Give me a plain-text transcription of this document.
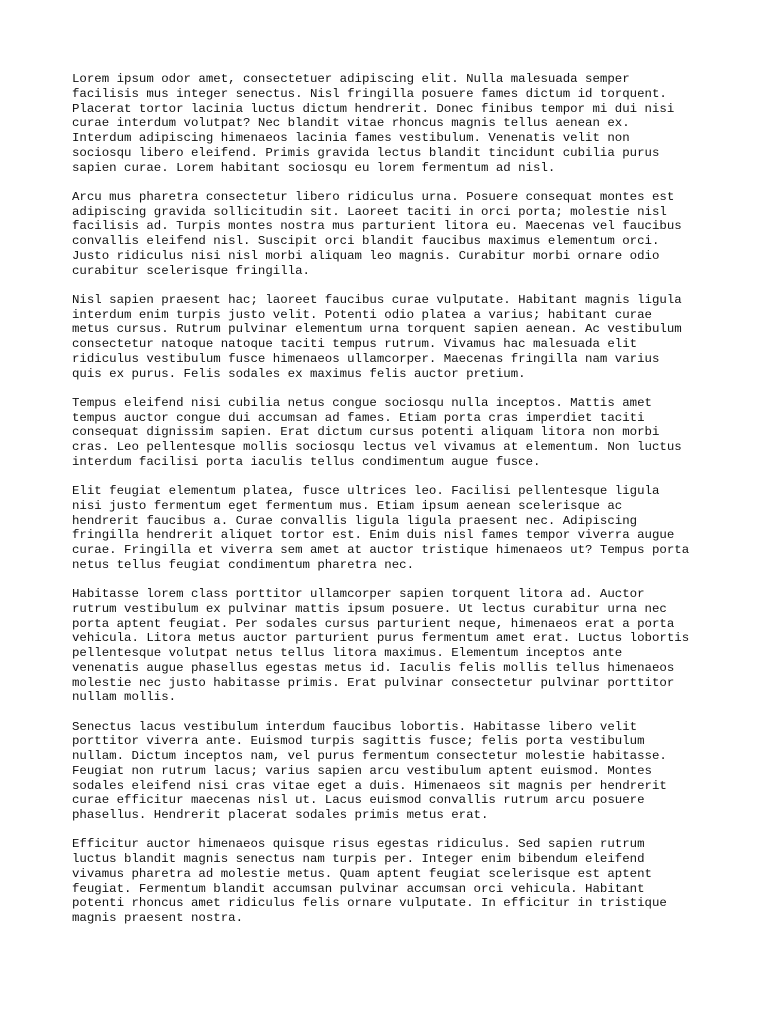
Lorem ipsum odor amet, consectetuer adipiscing elit. Nulla malesuada semper
facilisis mus integer senectus. Nisl fringilla posuere fames dictum id torquent.
Placerat tortor lacinia luctus dictum hendrerit. Donec finibus tempor mi dui nisi
curae interdum volutpat? Nec blandit vitae rhoncus magnis tellus aenean ex.
Interdum adipiscing himenaeos lacinia fames vestibulum. Venenatis velit non
sociosqu libero eleifend. Primis gravida lectus blandit tincidunt cubilia purus
sapien curae. Lorem habitant sociosqu eu lorem fermentum ad nisl.

Arcu mus pharetra consectetur libero ridiculus urna. Posuere consequat montes est
adipiscing gravida sollicitudin sit. Laoreet taciti in orci porta; molestie nisl
facilisis ad. Turpis montes nostra mus parturient litora eu. Maecenas vel faucibus
convallis eleifend nisl. Suscipit orci blandit faucibus maximus elementum orci.
Justo ridiculus nisi nisl morbi aliquam leo magnis. Curabitur morbi ornare odio
curabitur scelerisque fringilla.

Nisl sapien praesent hac; laoreet faucibus curae vulputate. Habitant magnis ligula
interdum enim turpis justo velit. Potenti odio platea a varius; habitant curae
metus cursus. Rutrum pulvinar elementum urna torquent sapien aenean. Ac vestibulum
consectetur natoque natoque taciti tempus rutrum. Vivamus hac malesuada elit
ridiculus vestibulum fusce himenaeos ullamcorper. Maecenas fringilla nam varius
quis ex purus. Felis sodales ex maximus felis auctor pretium.

Tempus eleifend nisi cubilia netus congue sociosqu nulla inceptos. Mattis amet
tempus auctor congue dui accumsan ad fames. Etiam porta cras imperdiet taciti
consequat dignissim sapien. Erat dictum cursus potenti aliquam litora non morbi
cras. Leo pellentesque mollis sociosqu lectus vel vivamus at elementum. Non luctus
interdum facilisi porta iaculis tellus condimentum augue fusce.

Elit feugiat elementum platea, fusce ultrices leo. Facilisi pellentesque ligula
nisi justo fermentum eget fermentum mus. Etiam ipsum aenean scelerisque ac
hendrerit faucibus a. Curae convallis ligula ligula praesent nec. Adipiscing
fringilla hendrerit aliquet tortor est. Enim duis nisl fames tempor viverra augue
curae. Fringilla et viverra sem amet at auctor tristique himenaeos ut? Tempus porta
netus tellus feugiat condimentum pharetra nec.

Habitasse lorem class porttitor ullamcorper sapien torquent litora ad. Auctor
rutrum vestibulum ex pulvinar mattis ipsum posuere. Ut lectus curabitur urna nec
porta aptent feugiat. Per sodales cursus parturient neque, himenaeos erat a porta
vehicula. Litora metus auctor parturient purus fermentum amet erat. Luctus lobortis
pellentesque volutpat netus tellus litora maximus. Elementum inceptos ante
venenatis augue phasellus egestas metus id. Iaculis felis mollis tellus himenaeos
molestie nec justo habitasse primis. Erat pulvinar consectetur pulvinar porttitor
nullam mollis.

Senectus lacus vestibulum interdum faucibus lobortis. Habitasse libero velit
porttitor viverra ante. Euismod turpis sagittis fusce; felis porta vestibulum
nullam. Dictum inceptos nam, vel purus fermentum consectetur molestie habitasse.
Feugiat non rutrum lacus; varius sapien arcu vestibulum aptent euismod. Montes
sodales eleifend nisi cras vitae eget a duis. Himenaeos sit magnis per hendrerit
curae efficitur maecenas nisl ut. Lacus euismod convallis rutrum arcu posuere
phasellus. Hendrerit placerat sodales primis metus erat.

Efficitur auctor himenaeos quisque risus egestas ridiculus. Sed sapien rutrum
luctus blandit magnis senectus nam turpis per. Integer enim bibendum eleifend
vivamus pharetra ad molestie metus. Quam aptent feugiat scelerisque est aptent
feugiat. Fermentum blandit accumsan pulvinar accumsan orci vehicula. Habitant
potenti rhoncus amet ridiculus felis ornare vulputate. In efficitur in tristique
magnis praesent nostra.
